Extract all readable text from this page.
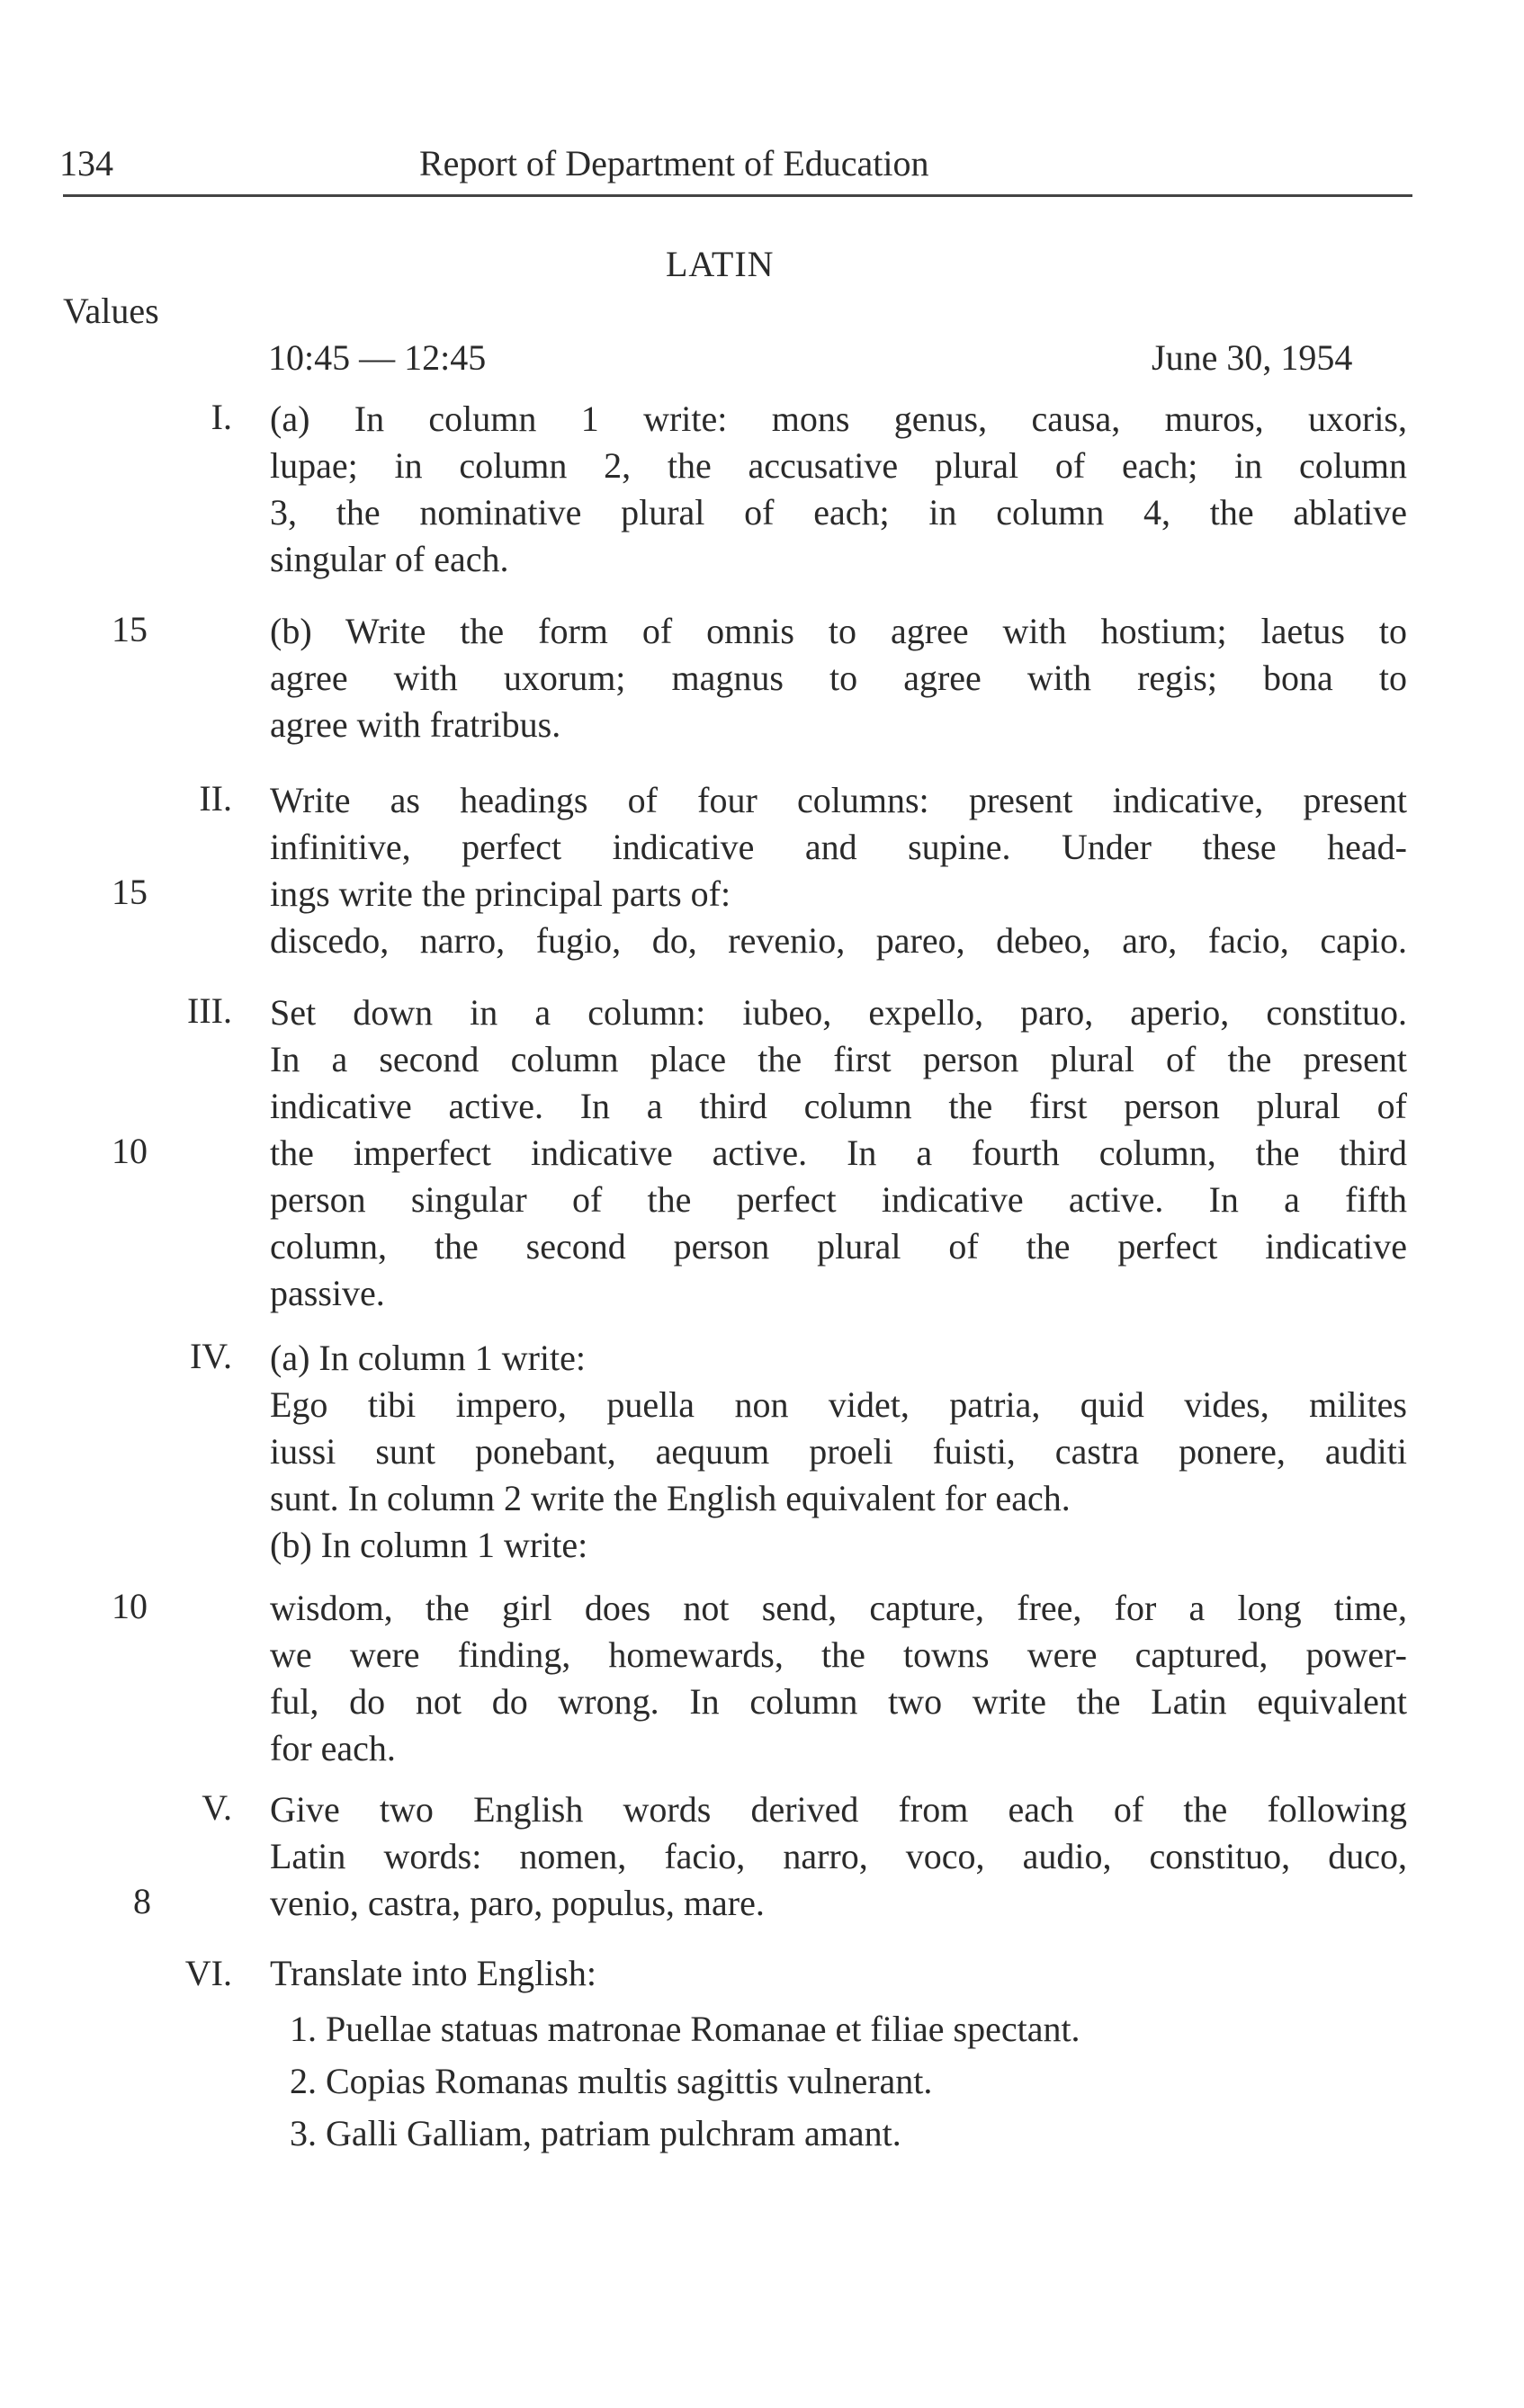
134	Report of Department of Education
LATIN
Values
10:45 — 12:45	June 30, 1954
I. (a) In column 1 write: mons genus, causa, muros, uxoris,
lupae; in column 2, the accusative plural of each; in column
3, the nominative plural of each; in column 4, the ablative
singular of each.
15	(b) Write the form of omnis to agree with hostium; laetus to
agree with uxorum; magnus to agree with regis; bona to
agree with fratribus.
II.
15
Write as headings of four columns: present indicative, present
infinitive, perfect indicative and supine. Under these head-
ings write the principal parts of:
discedo, narro, fugio, do, revenio, pareo, debeo, aro, facio, capio.
III.
10
Set down in a column: iubeo, expello, paro, aperio, constituo.
In a second column place the first person plural of the present
indicative active. In a third column the first person plural of
the imperfect indicative active. In a fourth column, the third
person singular of the perfect indicative active. In a fifth
column, the second person plural of the perfect indicative
passive.
IV. (a) In column 1 write:
Ego tibi impero, puella non videt, patria, quid vides, milites
iussi sunt ponebant, aequum proeli fuisti, castra ponere, auditi
sunt. In column 2 write the English equivalent for each.
(b) In column 1 write:
10	wisdom, the girl does not send, capture, free, for a long time,
we were finding, homewards, the towns were captured, power-
ful, do not do wrong. In column two write the Latin equivalent
for each.
V.
8
Give two English words derived from each of the following
Latin words: nomen, facio, narro, voco, audio, constituo, duco,
venio, castra, paro, populus, mare.
VI. Translate into English:
1. Puellae statuas matronae Romanae et filiae spectant.
2. Copias Romanas multis sagittis vulnerant.
3. Galli Galliam, patriam pulchram amant.
